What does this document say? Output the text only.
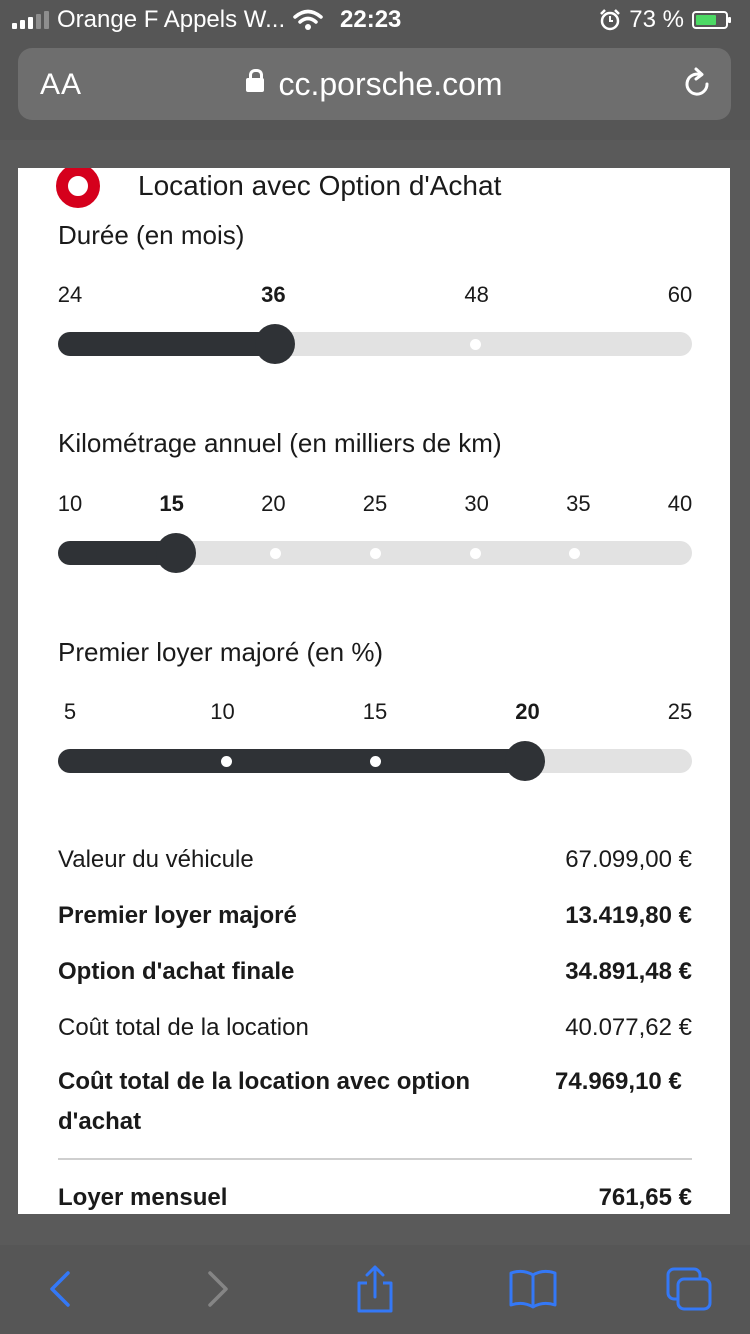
Orange F Appels W... 22:23	73 %
AA	cc.porsche.com
Location avec Option d'Achat
Durée (en mois)
24	36	48	60
Kilométrage annuel (en milliers de km)
10	15	20	25	30	35	40
Premier loyer majoré (en %)
5	10	15	20	25
Valeur du véhicule	67.099,00 €
Premier loyer majoré	13.419,80 €
Option d'achat finale	34.891,48 €
Coût total de la location	40.077,62 €
Coût total de la location avec option d'achat
74.969,10 €
Loyer mensuel	761,65 €
